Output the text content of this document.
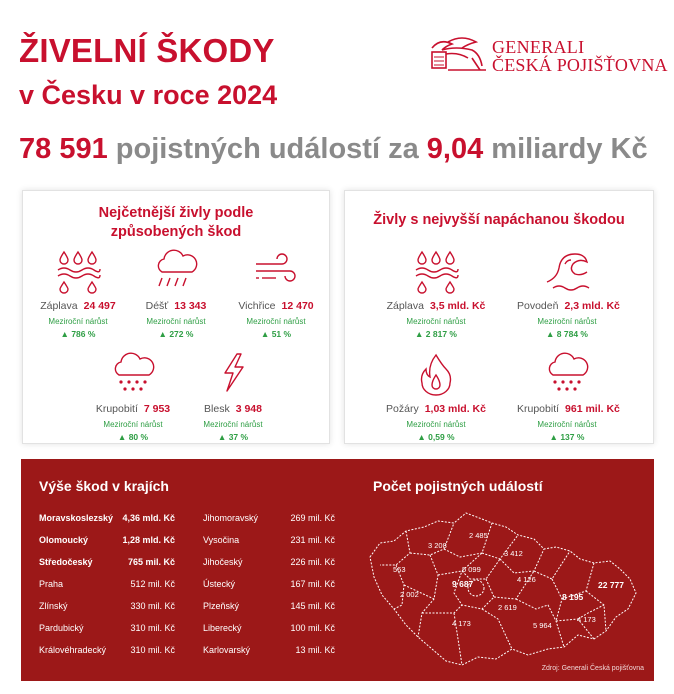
ŽIVELNÍ ŠKODY
v Česku v roce 2024
GENERALI
ČESKÁ POJIŠŤOVNA
78 591 pojistných událostí za 9,04 miliardy Kč
Nejčetnější živly podle
způsobených škod
Záplava 24 497
Meziroční nárůst
▲ 786 %
Déšť 13 343
Meziroční nárůst
▲ 272 %
Vichřice 12 470
Meziroční nárůst
▲ 51 %
Krupobití 7 953
Meziroční nárůst
▲ 80 %
Blesk 3 948
Meziroční nárůst
▲ 37 %
Živly s nejvyšší napáchanou škodou
Záplava 3,5 mld. Kč
Meziroční nárůst
▲ 2 817 %
Povodeň 2,3 mld. Kč
Meziroční nárůst
▲ 8 784 %
Požáry 1,03 mld. Kč
Meziroční nárůst
▲ 0,59 %
Krupobití 961 mil. Kč
Meziroční nárůst
▲ 137 %
Výše škod v krajích	Počet pojistných událostí
Moravskoslezský 4,36 mld. Kč
Olomoucký	1,28 mld. Kč
Středočeský	765 mil. Kč
Praha	512 mil. Kč
Zlínský	330 mil. Kč
Pardubický	310 mil. Kč
Královéhradecký	310 mil. Kč
Jihomoravský	269 mil. Kč
Vysočina	231 mil. Kč
Jihočeský	226 mil. Kč
Ústecký	167 mil. Kč
Plzeňský	145 mil. Kč
Liberecký	100 mil. Kč
Karlovarský	13 mil. Kč
563
3 208
2 485
3 412
5 099
9 687	4 126
2 002
2 619
4 173	5 964
8 195
22 777
4 173
Zdroj: Generali Česká pojišťovna
